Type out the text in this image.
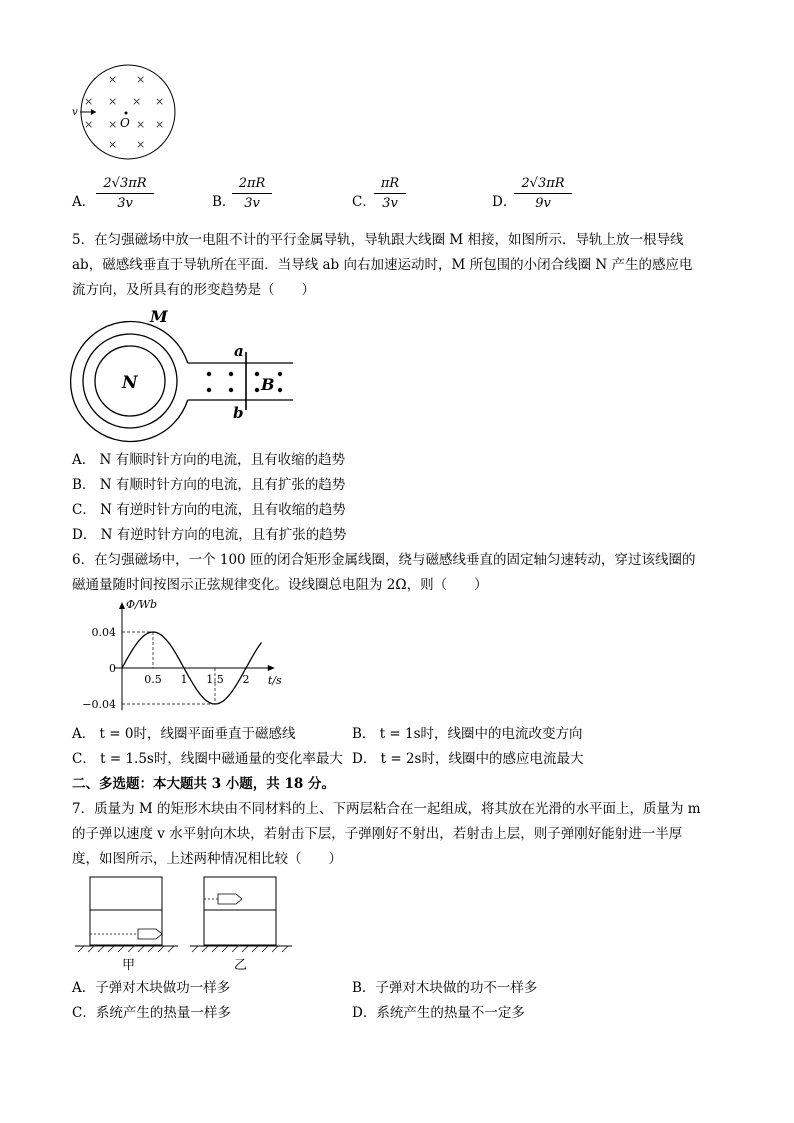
× ×
× × × ×
× × × ×
× ×
O
v
A．
2√3πR
3v	B．
2πR
3v	C．
πR
3v	D．
2√3πR
9v
5．在匀强磁场中放一电阻不计的平行金属导轨，导轨跟大线圈 M 相接，如图所示．导轨上放一根导线
ab，磁感线垂直于导轨所在平面．当导线 ab 向右加速运动时，M 所包围的小闭合线圈 N 产生的感应电
流方向，及所具有的形变趋势是（　　）
M
N
a
b
B
A． N 有顺时针方向的电流，且有收缩的趋势
B． N 有顺时针方向的电流，且有扩张的趋势
C． N 有逆时针方向的电流，且有收缩的趋势
D． N 有逆时针方向的电流，且有扩张的趋势
6．在匀强磁场中，一个 100 匝的闭合矩形金属线圈，绕与磁感线垂直的固定轴匀速转动，穿过该线圈的
磁通量随时间按图示正弦规律变化。设线圈总电阻为 2Ω，则（　　）
Φ/Wb
t/s
0.04
0
−0.04
0.5 1 1.5 2
A． t = 0时，线圈平面垂直于磁感线	B． t = 1s时，线圈中的电流改变方向
C． t = 1.5s时，线圈中磁通量的变化率最大 D． t = 2s时，线圈中的感应电流最大
二、多选题：本大题共 3 小题，共 18 分。
7．质量为 M 的矩形木块由不同材料的上、下两层粘合在一起组成，将其放在光滑的水平面上，质量为 m
的子弹以速度 v 水平射向木块，若射击下层，子弹刚好不射出，若射击上层，则子弹刚好能射进一半厚
度，如图所示，上述两种情况相比较（　　）
甲	乙
A．子弹对木块做功一样多	B．子弹对木块做的功不一样多
C．系统产生的热量一样多	D．系统产生的热量不一定多
